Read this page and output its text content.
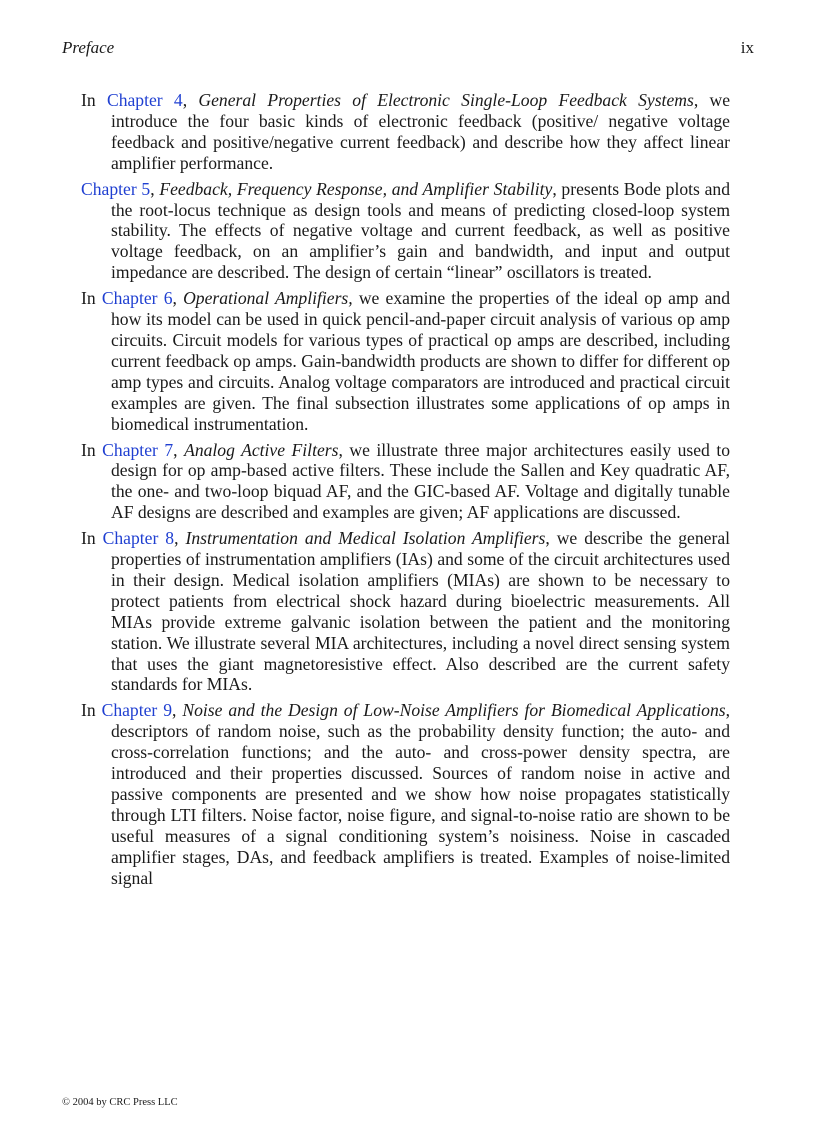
Preface	ix

In Chapter 4, General Properties of Electronic Single-Loop Feedback Systems, we introduce the four basic kinds of electronic feedback (positive/ negative voltage feedback and positive/negative current feedback) and describe how they affect linear amplifier performance.

Chapter 5, Feedback, Frequency Response, and Amplifier Stability, presents Bode plots and the root-locus technique as design tools and means of predicting closed-loop system stability. The effects of negative voltage and current feedback, as well as positive voltage feedback, on an amplifier’s gain and bandwidth, and input and output impedance are described. The design of certain “linear” oscillators is treated.

In Chapter 6, Operational Amplifiers, we examine the properties of the ideal op amp and how its model can be used in quick pencil-and-paper circuit analysis of various op amp circuits. Circuit models for various types of practical op amps are described, including current feedback op amps. Gain-bandwidth products are shown to differ for different op amp types and circuits. Analog voltage comparators are introduced and practical circuit examples are given. The final subsection illustrates some applications of op amps in biomedical instrumentation.

In Chapter 7, Analog Active Filters, we illustrate three major architectures easily used to design for op amp-based active filters. These include the Sallen and Key quadratic AF, the one- and two-loop biquad AF, and the GIC-based AF. Voltage and digitally tunable AF designs are described and examples are given; AF applications are discussed.

In Chapter 8, Instrumentation and Medical Isolation Amplifiers, we describe the general properties of instrumentation amplifiers (IAs) and some of the circuit architectures used in their design. Medical isolation amplifiers (MIAs) are shown to be necessary to protect patients from electrical shock hazard during bioelectric measurements. All MIAs provide extreme galvanic isolation between the patient and the monitoring station. We illustrate several MIA architectures, including a novel direct sensing system that uses the giant magnetoresistive effect. Also described are the current safety standards for MIAs.

In Chapter 9, Noise and the Design of Low-Noise Amplifiers for Biomedical Applications, descriptors of random noise, such as the probability density function; the auto- and cross-correlation functions; and the auto- and cross-power density spectra, are introduced and their properties discussed. Sources of random noise in active and passive components are presented and we show how noise propagates statistically through LTI filters. Noise factor, noise figure, and signal-to-noise ratio are shown to be useful measures of a signal conditioning system’s noisiness. Noise in cascaded amplifier stages, DAs, and feedback amplifiers is treated. Examples of noise-limited signal

© 2004 by CRC Press LLC
